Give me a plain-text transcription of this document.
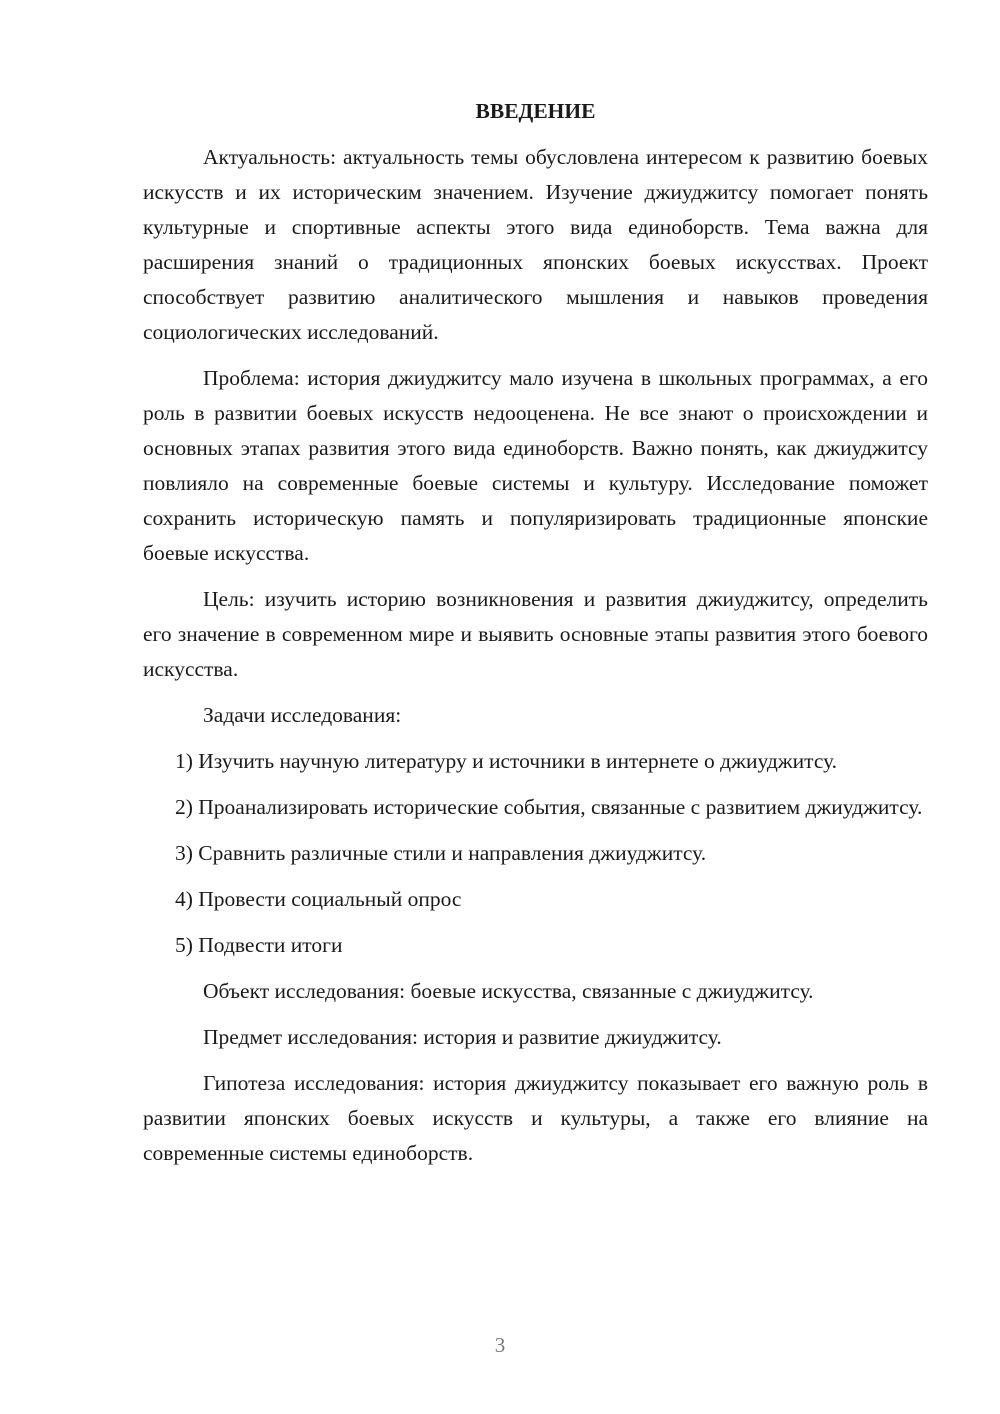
ВВЕДЕНИЕ

Актуальность: актуальность темы обусловлена интересом к развитию боевых искусств и их историческим значением. Изучение джиуджитсу помогает понять культурные и спортивные аспекты этого вида единоборств. Тема важна для расширения знаний о традиционных японских боевых искусствах. Проект способствует развитию аналитического мышления и навыков проведения социологических исследований.

Проблема: история джиуджитсу мало изучена в школьных программах, а его роль в развитии боевых искусств недооценена. Не все знают о происхождении и основных этапах развития этого вида единоборств. Важно понять, как джиуджитсу повлияло на современные боевые системы и культуру. Исследование поможет сохранить историческую память и популяризировать традиционные японские боевые искусства.

Цель: изучить историю возникновения и развития джиуджитсу, определить его значение в современном мире и выявить основные этапы развития этого боевого искусства.

Задачи исследования:

1) Изучить научную литературу и источники в интернете о джиуджитсу.

2) Проанализировать исторические события, связанные с развитием джиуджитсу.

3) Сравнить различные стили и направления джиуджитсу.

4) Провести социальный опрос

5) Подвести итоги

Объект исследования: боевые искусства, связанные с джиуджитсу.

Предмет исследования: история и развитие джиуджитсу.

Гипотеза исследования: история джиуджитсу показывает его важную роль в развитии японских боевых искусств и культуры, а также его влияние на современные системы единоборств.

3
